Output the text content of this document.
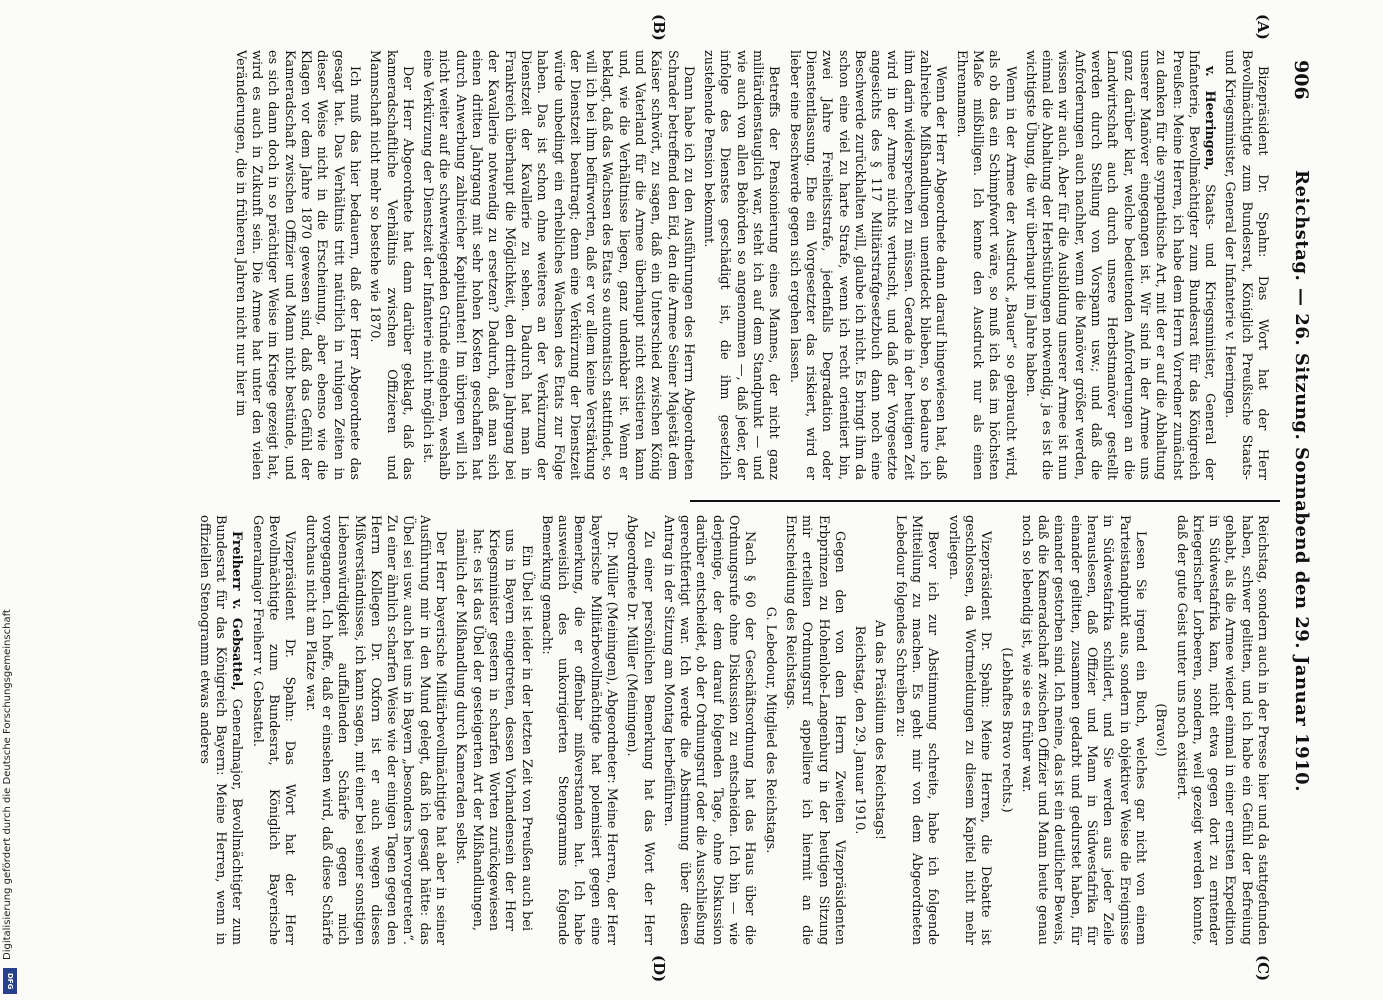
906
Reichstag. — 26. Sitzung. Sonnabend den 29. Januar 1910.
(A)
(B)
(C)
(D)

Bizepräsident Dr. Spahn: Das Wort hat der Herr Bevollmächtigte zum Bundesrat, Königlich Preußische Staats- und Kriegsminister, General der Infanterie v. Heeringen.

v. Heeringen, Staats- und Kriegsminister, General der Infanterie, Bevollmächtigter zum Bundesrat für das Königreich Preußen: Meine Herren, ich habe dem Herrn Vorredner zunächst zu danken für die sympathische Art, mit der er auf die Abhaltung unserer Manöver eingegangen ist. Wir sind in der Armee uns ganz darüber klar, welche bedeutenden Anforderungen an die Landwirtschaft auch durch unsere Herbstmanöver gestellt werden durch Stellung von Vorspann usw.; und daß die Anforderungen auch nachher, wenn die Manöver größer werden, wissen wir auch. Aber für die Ausbildung unserer Armee ist nun einmal die Abhaltung der Herbstübungen notwendig, ja es ist die wichtigste Übung, die wir überhaupt im Jahre haben.

Wenn in der Armee der Ausdruck „Bauer“ so gebraucht wird, als ob das ein Schimpfwort wäre, so muß ich das im höchsten Maße mißbilligen. Ich kenne den Ausdruck nur als einen Ehrennamen.

Wenn der Herr Abgeordnete dann darauf hingewiesen hat, daß zahlreiche Mißhandlungen unentdeckt blieben, so bedaure ich ihm darin widersprechen zu müssen. Gerade in der heutigen Zeit wird in der Armee nichts vertuscht, und daß der Vorgesetzte angesichts des § 117 Militärstrafgesetzbuch dann noch eine Beschwerde zurückhalten will, glaube ich nicht. Es bringt ihm da schon eine viel zu harte Strafe, wenn ich recht orientiert bin, zwei Jahre Freiheitsstrafe, jedenfalls Degradation oder Dienstentlassung. Ehe ein Vorgesetzter das riskiert, wird er lieber eine Beschwerde gegen sich ergehen lassen.

Betreffs der Pensionierung eines Mannes, der nicht ganz militärdienstauglich war, steht ich auf dem Standpunkt — und wie auch von allen Behörden so angenommen —, daß jeder, der infolge des Dienstes geschädigt ist, die ihm gesetzlich zustehende Pension bekommt.

Dann habe ich zu den Ausführungen des Herrn Abgeordneten Schrader betreffend den Eid, den die Armee Seiner Majestät dem Kaiser schwört, zu sagen, daß ein Unterschied zwischen König und Vaterland für die Armee überhaupt nicht existieren kann und, wie die Verhältnisse liegen, ganz undenkbar ist. Wenn er beklagt, daß das Wachsen des Etats so automatisch stattfindet, so will ich bei ihm befürworten, daß er vor allem keine Verstärkung der Dienstzeit beantragt; denn eine Verkürzung der Dienstzeit würde unbedingt ein erhebliches Wachsen des Etats zur Folge haben. Das ist schon ohne weiteres an der Verkürzung der Dienstzeit der Kavallerie zu sehen. Dadurch hat man in Frankreich überhaupt die Möglichkeit, den dritten Jahrgang bei der Kavallerie notwendig zu ersetzen? Dadurch, daß man sich einen dritten Jahrgang mit sehr hohen Kosten geschaffen hat durch Anwerbung zahlreicher Kapitulanten! Im übrigen will ich nicht weiter auf die schwerwiegenden Gründe eingehen, weshalb eine Verkürzung der Dienstzeit der Infanterie nicht möglich ist.

Der Herr Abgeordnete hat dann darüber geklagt, daß das kameradschaftliche Verhältnis zwischen Offizieren und Mannschaft nicht mehr so bestehe wie 1870.

Ich muß das hier bedauern, daß der Herr Abgeordnete das gesagt hat. Das Verhältnis tritt natürlich in ruhigen Zeiten in dieser Weise nicht in die Erscheinung, aber ebenso wie die Klagen vor dem Jahre 1870 gewesen sind, daß das Gefühl der Kameradschaft zwischen Offizier und Mann nicht bestünde, und es sich dann doch in so prächtiger Weise im Kriege gezeigt hat, wird es auch in Zukunft sein. Die Armee hat unter den vielen Veränderungen, die in früheren Jahren nicht nur hier im

Reichstag, sondern auch in der Presse hier und da stattgefunden haben, schwer gelitten, und ich habe ein Gefühl der Befreiung gehabt, als die Armee wieder einmal in einer ernsten Expedition in Südwestafrika kam, nicht etwa gegen dort zu erntender kriegerischer Lorbeeren, sondern, weil gezeigt werden konnte, daß der gute Geist unter uns noch existiert.

(Bravo!)

Lesen Sie irgend ein Buch, welches gar nicht von einem Parteistandpunkt aus, sondern in objektiver Weise die Ereignisse in Südwestafrika schildert, und Sie werden aus jeder Zeile herauslesen, daß Offizier und Mann in Südwestafrika für einander gelitten, zusammen gedarbt und gedurstet haben, für einander gestorben sind. Ich meine, das ist ein deutlicher Beweis, daß die Kameradschaft zwischen Offizier und Mann heute genau noch so lebendig ist, wie sie es früher war.

(Lebhaftes Bravo rechts.)

Vizepräsident Dr. Spahn: Meine Herren, die Debatte ist geschlossen, da Wortmeldungen zu diesem Kapitel nicht mehr vorliegen.

Bevor ich zur Abstimmung schreite, habe ich folgende Mitteilung zu machen. Es geht mir von dem Abgeordneten Lebedour folgendes Schreiben zu:

An das Präsidium des Reichstags!

Reichstag, den 29. Januar 1910.

Gegen den von dem Herrn Zweiten Vizepräsidenten Erbprinzen zu Hohenlohe-Langenburg in der heutigen Sitzung mir erteilten Ordnungsruf appelliere ich hiermit an die Entscheidung des Reichstags.

G. Lebedour, Mitglied des Reichstags.

Nach § 60 der Geschäftsordnung hat das Haus über die Ordnungsrufe ohne Diskussion zu entscheiden. Ich bin — wie derjenige, der dem darauf folgenden Tage, ohne Diskussion darüber entscheidet, ob der Ordnungsruf oder die Ausschließung gerechtfertigt war. Ich werde die Abstimmung über diesen Antrag in der Sitzung am Montag herbeiführen.

Zu einer persönlichen Bemerkung hat das Wort der Herr Abgeordnete Dr. Müller (Meiningen).

Dr. Müller (Meiningen), Abgeordneter: Meine Herren, der Herr bayerische Militärbevollmächtigte hat polemisiert gegen eine Bemerkung, die er offenbar mißverstanden hat. Ich habe ausweislich des unkorrigierten Stenogramms folgende Bemerkung gemacht:

Ein Übel ist leider in der letzten Zeit von Preußen auch bei uns in Bayern eingetreten, dessen Vorhandensein der Herr Kriegsminister gestern in scharfen Worten zurückgewiesen hat: es ist das Übel der gesteigerten Art der Mißhandlungen, nämlich der Mißhandlung durch Kameraden selbst.

Der Herr bayerische Militärbevollmächtigte hat aber in seiner Ausführung mir in den Mund gelegt, daß ich gesagt hätte: das Übel sei usw. auch bei uns in Bayern „besonders hervorgetreten“. Zu einer ähnlich scharfen Weise wie der einigen Tagen gegen den Herrn Kollegen Dr. Oxforn ist er auch wegen dieses Mißverständnisses, ich kann sagen, mit einer bei seiner sonstigen Liebenswürdigkeit auffallenden Schärfe gegen mich vorgegangen. Ich hoffe, daß er einsehen wird, daß diese Schärfe durchaus nicht am Platze war.

Vizepräsident Dr. Spahn: Das Wort hat der Herr Bevollmächtigte zum Bundesrat, Königlich Bayerische Generalmajor Freiherr v. Gebsattel.

Freiherr v. Gebsattel, Generalmajor, Bevollmächtigter zum Bundesrat für das Königreich Bayern: Meine Herren, wenn in offiziellen Stenogramm etwas anderes

Digitalisierung gefördert durch die Deutsche Forschungsgemeinschaft
DFG
